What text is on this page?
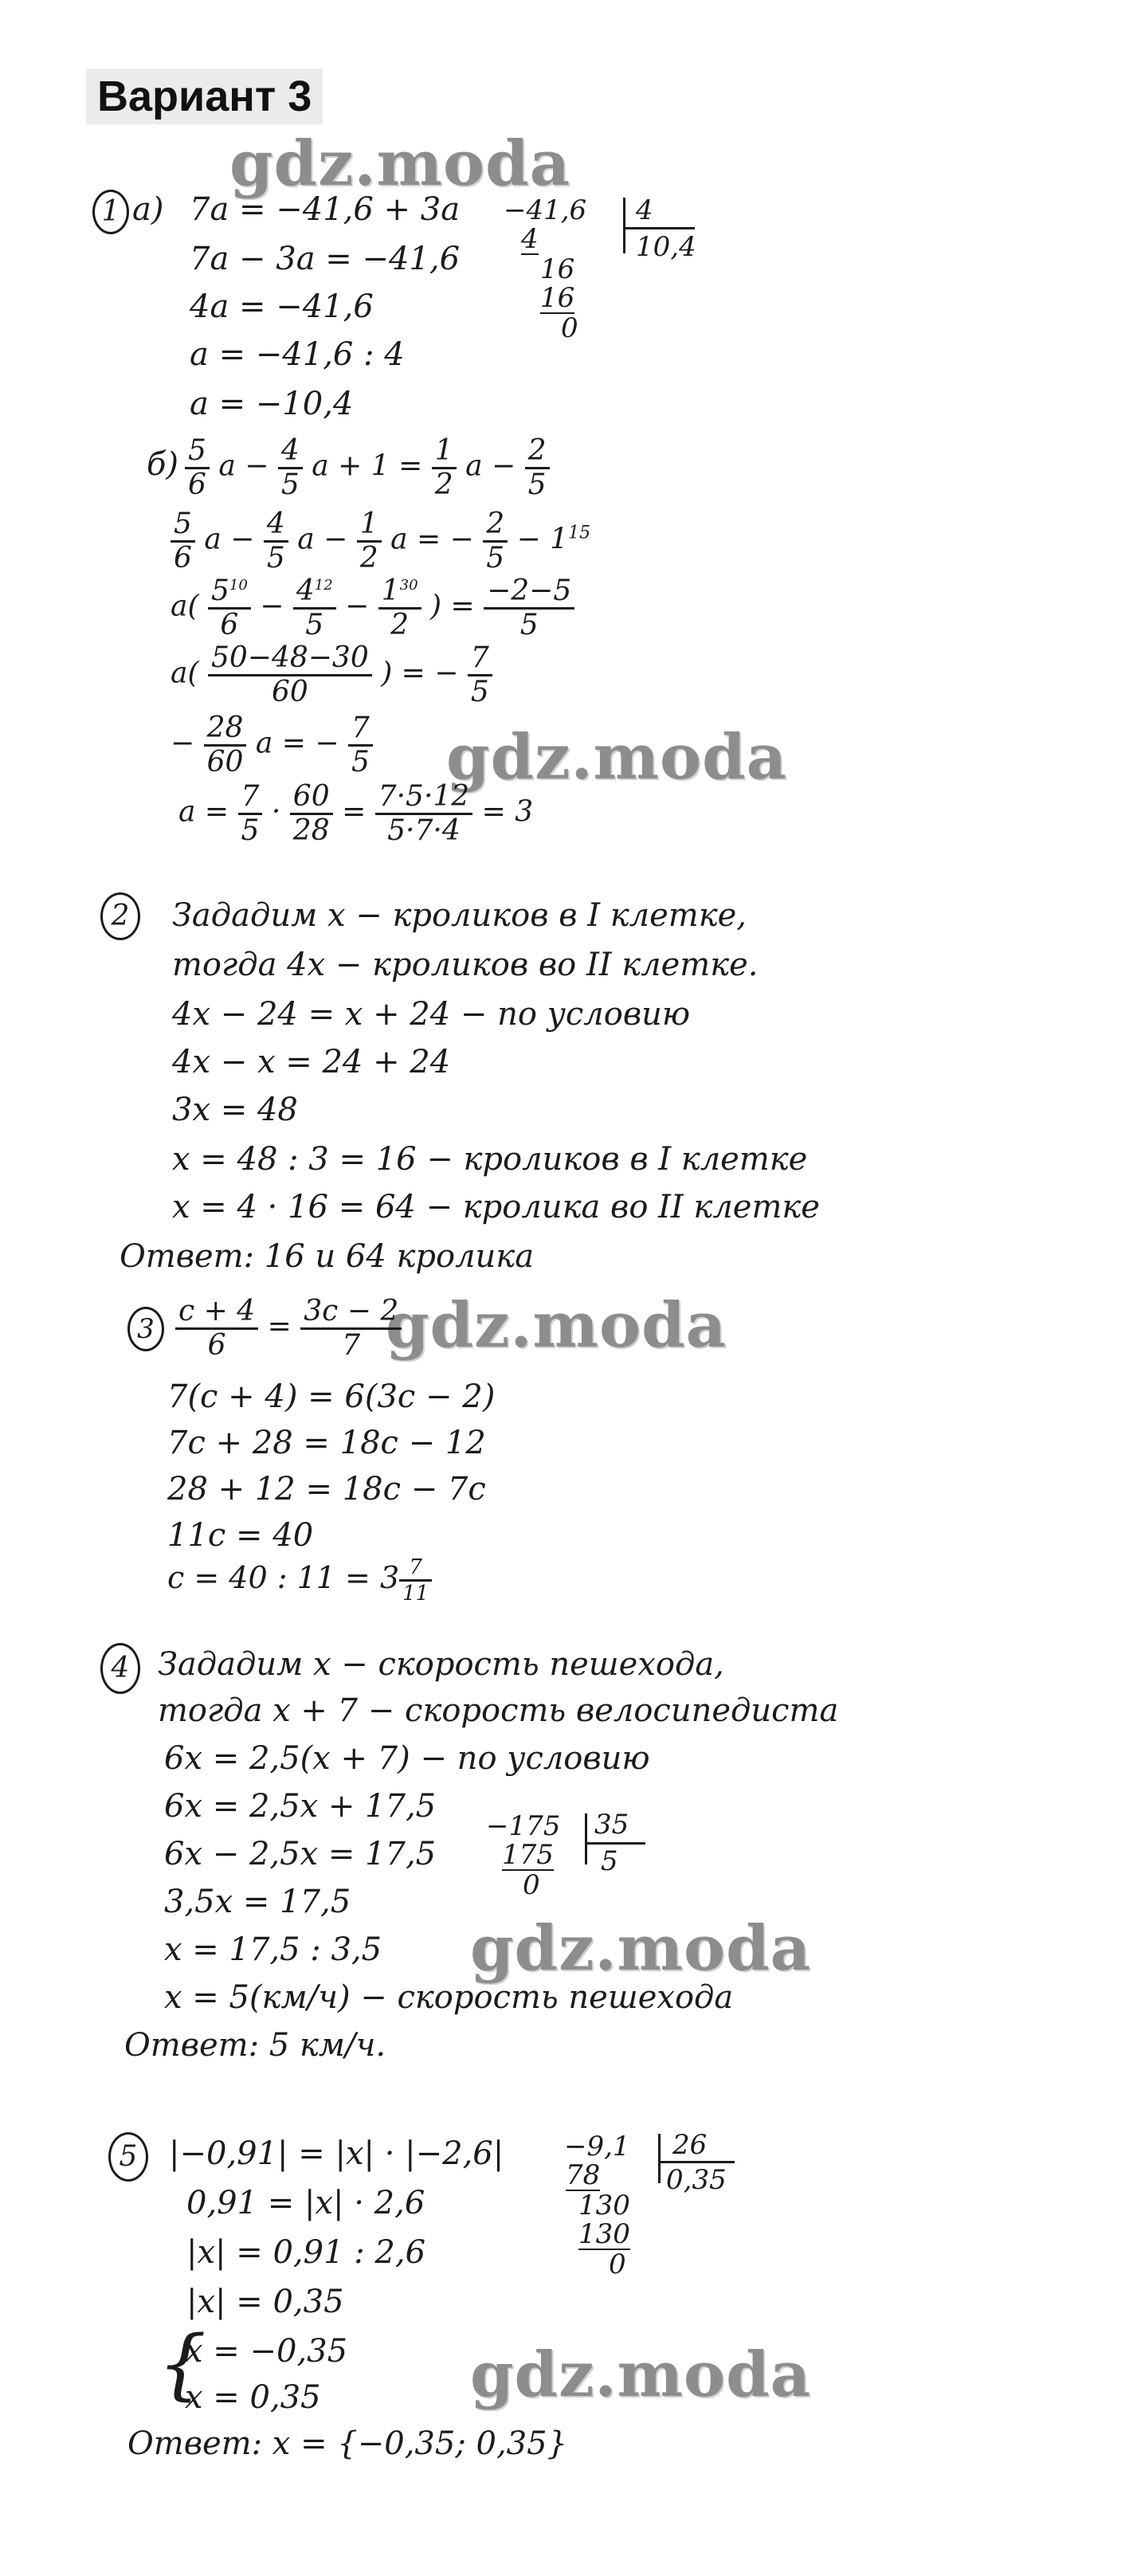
Вариант 3
gdz.moda
gdz.moda
gdz.moda
gdz.moda
gdz.moda
1 а) 7а = −41,6 + 3а
7а − 3а = −41,6
4а = −41,6
а = −41,6 : 4
а = −10,4
−41,6
4
16
16
0
4
10,4
$б) \frac{5}{6}$ $а - \frac{4}{5}$ $а + 1 = \frac{1}{2}$ $а - \frac{2}{5}$
$\frac{5}{6}$ $а - \frac{4}{5}$ $а - \frac{1}{2}$ а = − $\frac{2}{5} - 1^{15}$
$а( \frac{5^{10}}{6} - \frac{4^{12}}{5} - \frac{1^{30}}{2}$ ) = $\frac{-2-5}{5}$
$а( \frac{50-48-30}{60}$ ) = − $\frac{7}{5}$
− $\frac{28}{60}$ а = − $\frac{7}{5}$
$а = \frac{7}{5} \cdot \frac{60}{28} = \frac{7\cdot 5\cdot 12}{5\cdot 7\cdot 4} = 3$
2	Зададим х − кроликов в I клетке,
тогда 4х − кроликов во II клетке.
4х − 24 = х + 24 − по условию
4х − х = 24 + 24
3х = 48
х = 48 : 3 = 16 − кроликов в I клетке
х = 4 · 16 = 64 − кролика во II клетке
Ответ: 16 и 64 кролика
$3 \frac{с + 4}{6} = \frac{3с - 2}{7}$
7(с + 4) = 6(3с − 2)
7с + 28 = 18с − 12
28 + 12 = 18с − 7с
11с = 40
с = 40 : $11 = 3 \frac{7}{11}$
4 Зададим х − скорость пешехода,
тогда х + 7 − скорость велосипедиста
6х = 2,5(х + 7) − по условию
6х = 2,5х + 17,5
6х − 2,5х = 17,5
3,5х = 17,5
х = 17,5 : 3,5
х = 5(км/ч) − скорость пешехода
Ответ: 5 км/ч.
−175
175
0
35
5
5 |−0,91| = |х| · |−2,6|
0,91 = |х| · 2,6
|х| = 0,91 : 2,6
|х| = 0,35
{
х = −0,35
х = 0,35
Ответ: х = {−0,35; 0,35}
−9,1
78
130
130
0
26
0,35
